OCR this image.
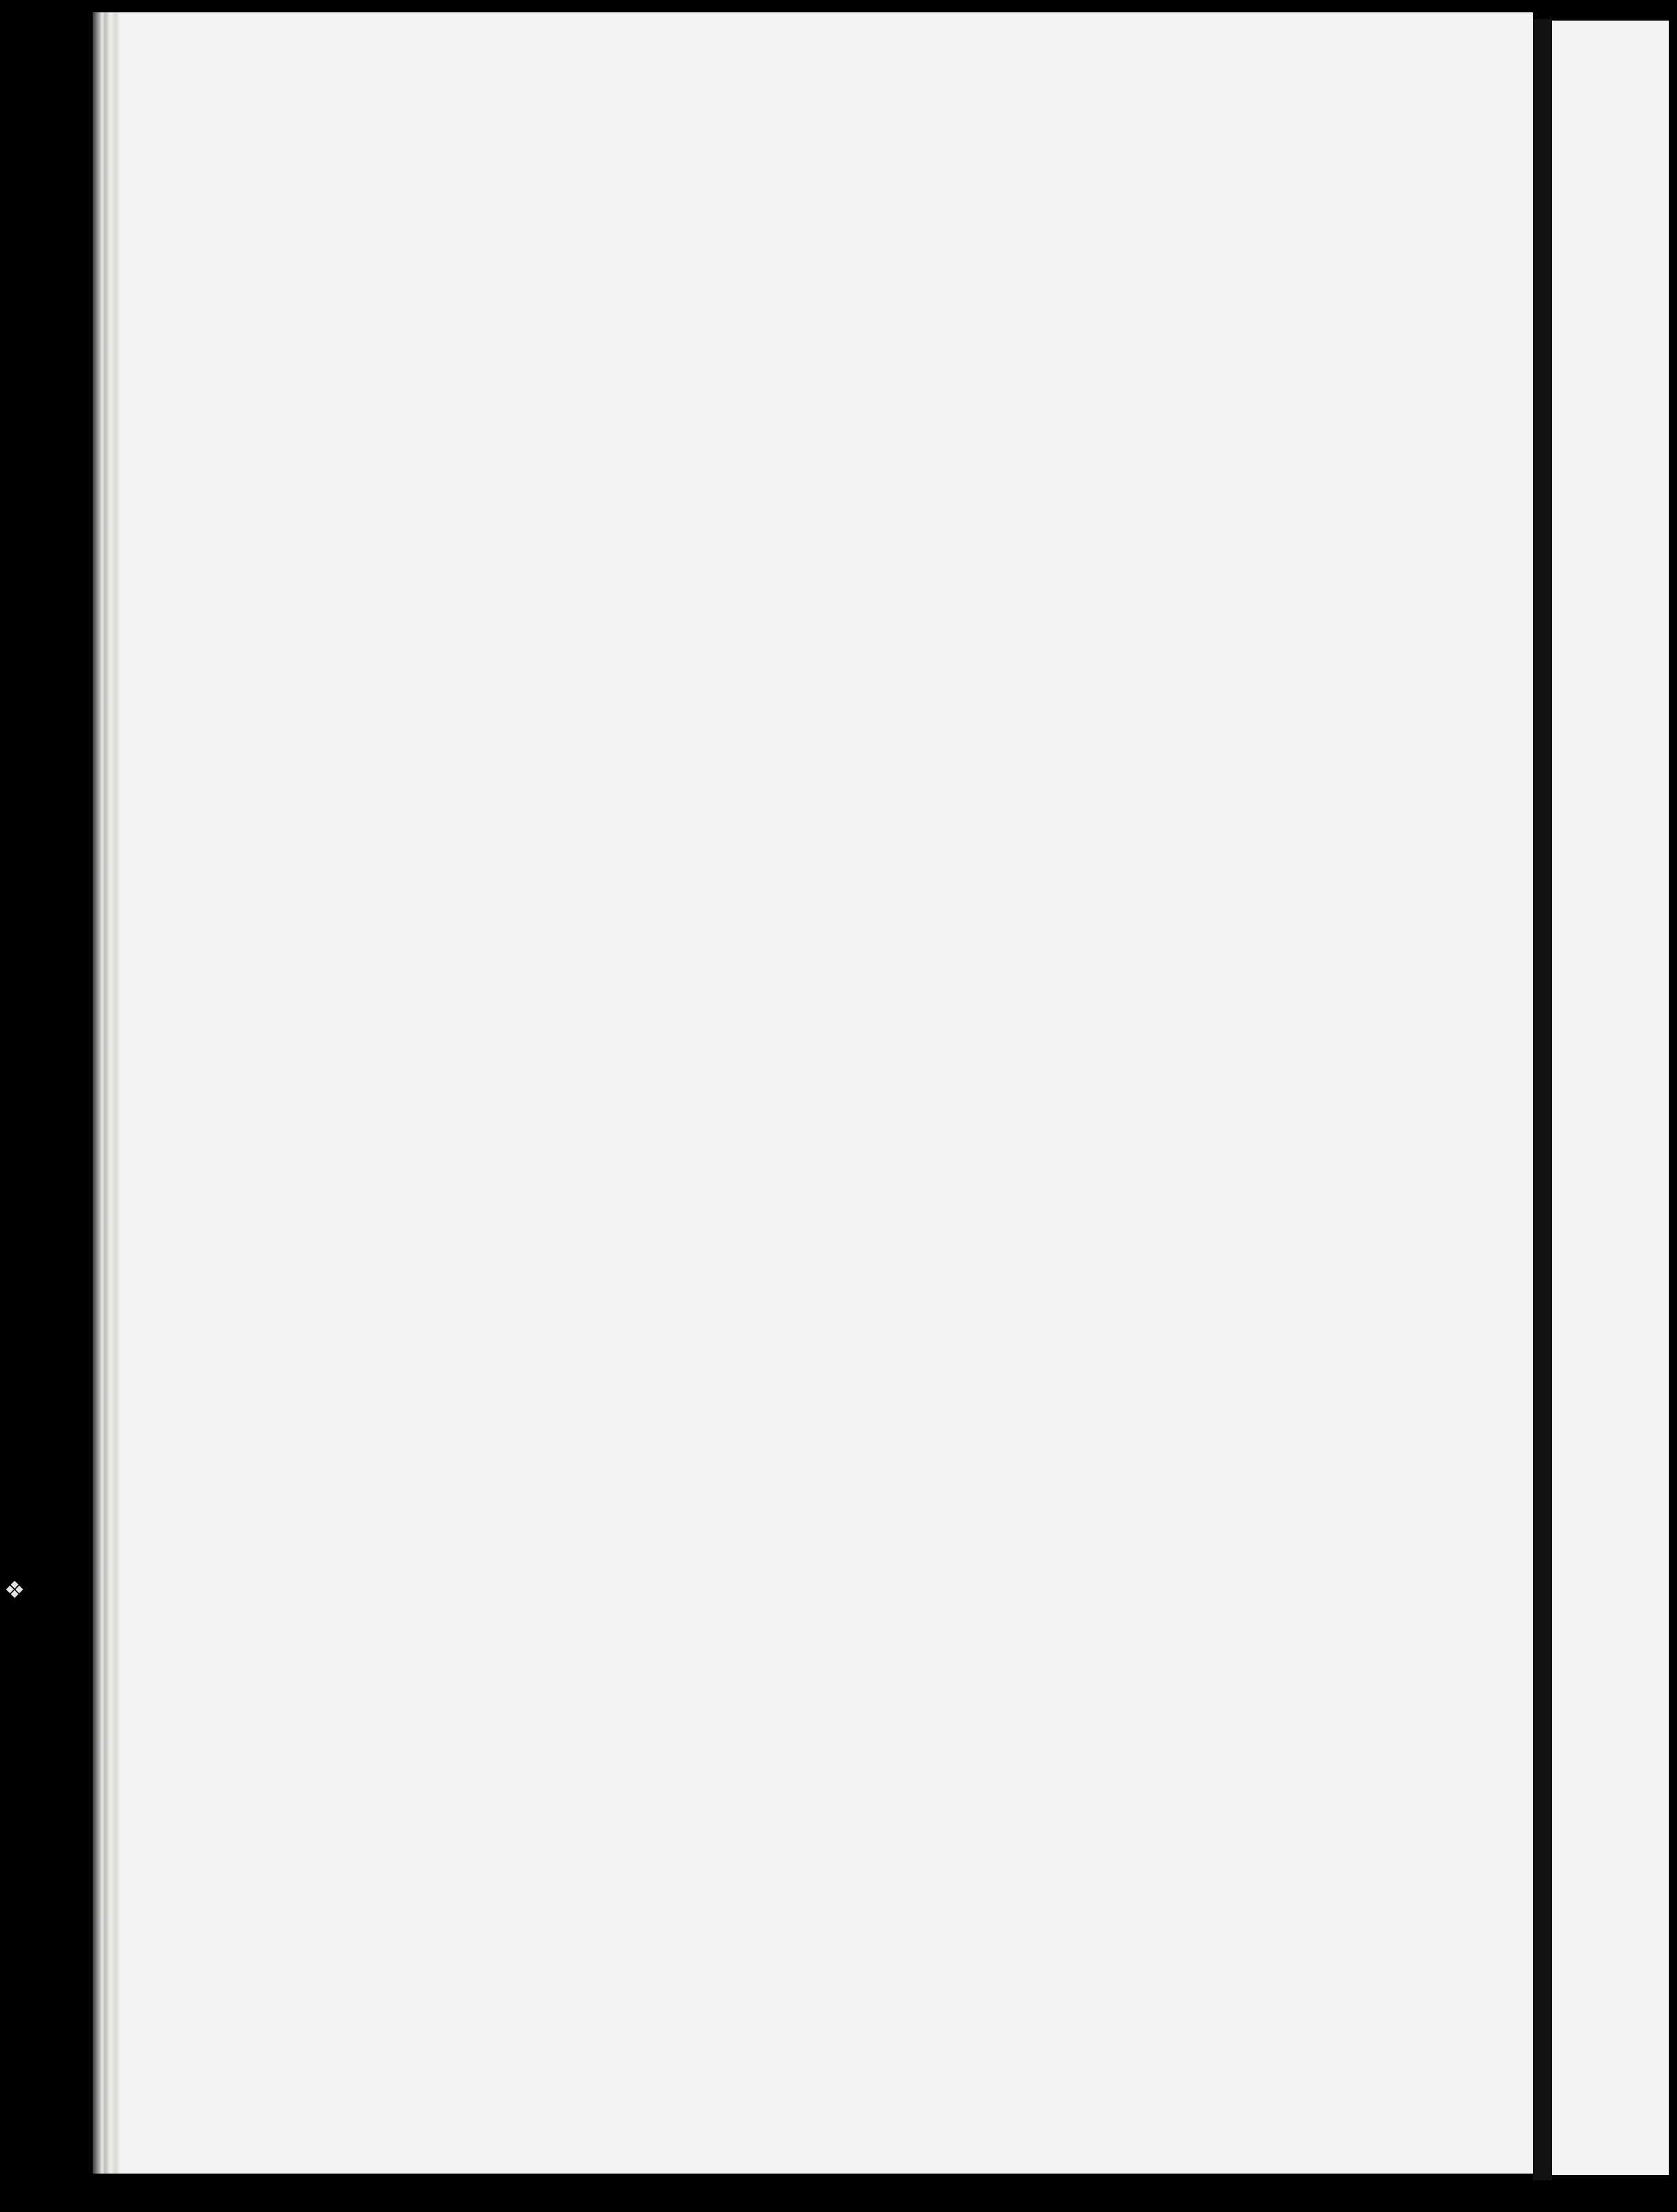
❖
